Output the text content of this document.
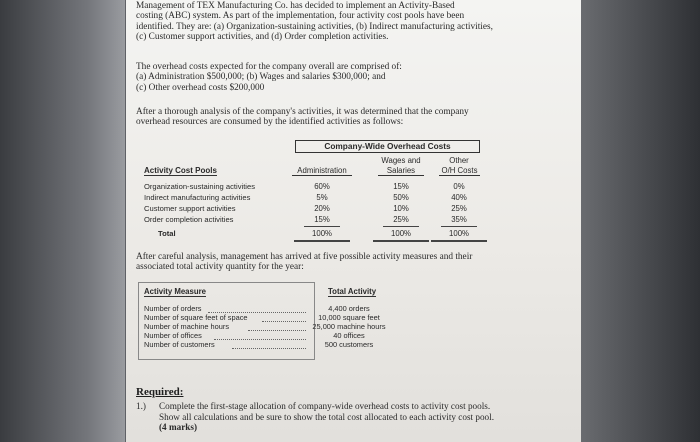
Management of TEX Manufacturing Co. has decided to implement an Activity-Based
costing (ABC) system. As part of the implementation, four activity cost pools have been
identified. They are: (a) Organization-sustaining activities, (b) Indirect manufacturing activities,
(c) Customer support activities, and (d) Order completion activities.
The overhead costs expected for the company overall are comprised of:
(a) Administration $500,000; (b) Wages and salaries $300,000; and
(c) Other overhead costs $200,000
After a thorough analysis of the company's activities, it was determined that the company
overhead resources are consumed by the identified activities as follows:
Company-Wide Overhead Costs
Wages and	Other
Activity Cost Pools	Administration	Salaries	O/H Costs
Organization-sustaining activities	60%	15%	0%
Indirect manufacturing activities	5%	50%	40%
Customer support activities	20%	10%	25%
Order completion activities	15%	25%	35%
Total	100%	100%	100%
After careful analysis, management has arrived at five possible activity measures and their
associated total activity quantity for the year:
Activity Measure	Total Activity
Number of orders	4,400 orders
Number of square feet of space	10,000 square feet
Number of machine hours	25,000 machine hours
Number of offices	40 offices
Number of customers	500 customers
Required:
1.) Complete the first-stage allocation of company-wide overhead costs to activity cost pools.
Show all calculations and be sure to show the total cost allocated to each activity cost pool.
(4 marks)
